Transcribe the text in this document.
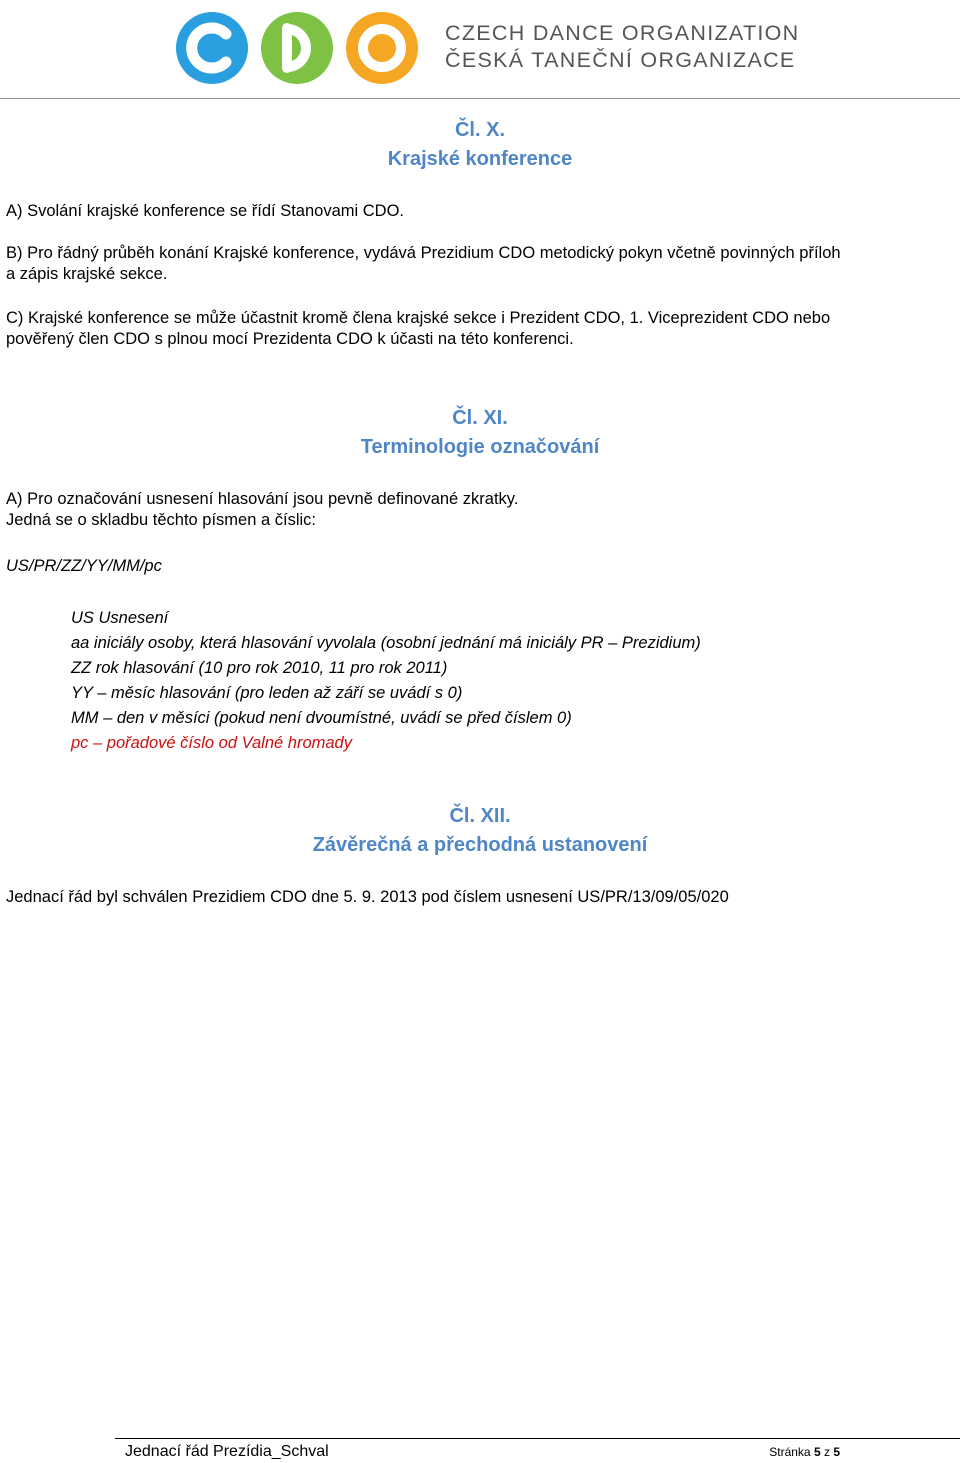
CZECH DANCE ORGANIZATION
ČESKÁ TANEČNÍ ORGANIZACE
Čl. X.
Krajské konference
A) Svolání krajské konference se řídí Stanovami CDO.
B) Pro řádný průběh konání Krajské konference, vydává Prezidium CDO metodický pokyn včetně povinných příloh
a zápis krajské sekce.
C) Krajské konference se může účastnit kromě člena krajské sekce i Prezident CDO, 1. Viceprezident CDO nebo
pověřený člen CDO s plnou mocí Prezidenta CDO k účasti na této konferenci.
Čl. XI.
Terminologie označování
A) Pro označování usnesení hlasování jsou pevně definované zkratky.
Jedná se o skladbu těchto písmen a číslic:
US/PR/ZZ/YY/MM/pc
US Usnesení
aa iniciály osoby, která hlasování vyvolala (osobní jednání má iniciály PR – Prezidium)
ZZ rok hlasování (10 pro rok 2010, 11 pro rok 2011)
YY – měsíc hlasování (pro leden až září se uvádí s 0)
MM – den v měsíci (pokud není dvoumístné, uvádí se před číslem 0)
pc – pořadové číslo od Valné hromady
Čl. XII.
Závěrečná a přechodná ustanovení
Jednací řád byl schválen Prezidiem CDO dne 5. 9. 2013 pod číslem usnesení US/PR/13/09/05/020
Jednací řád Prezídia_Schval	Stránka 5 z 5
